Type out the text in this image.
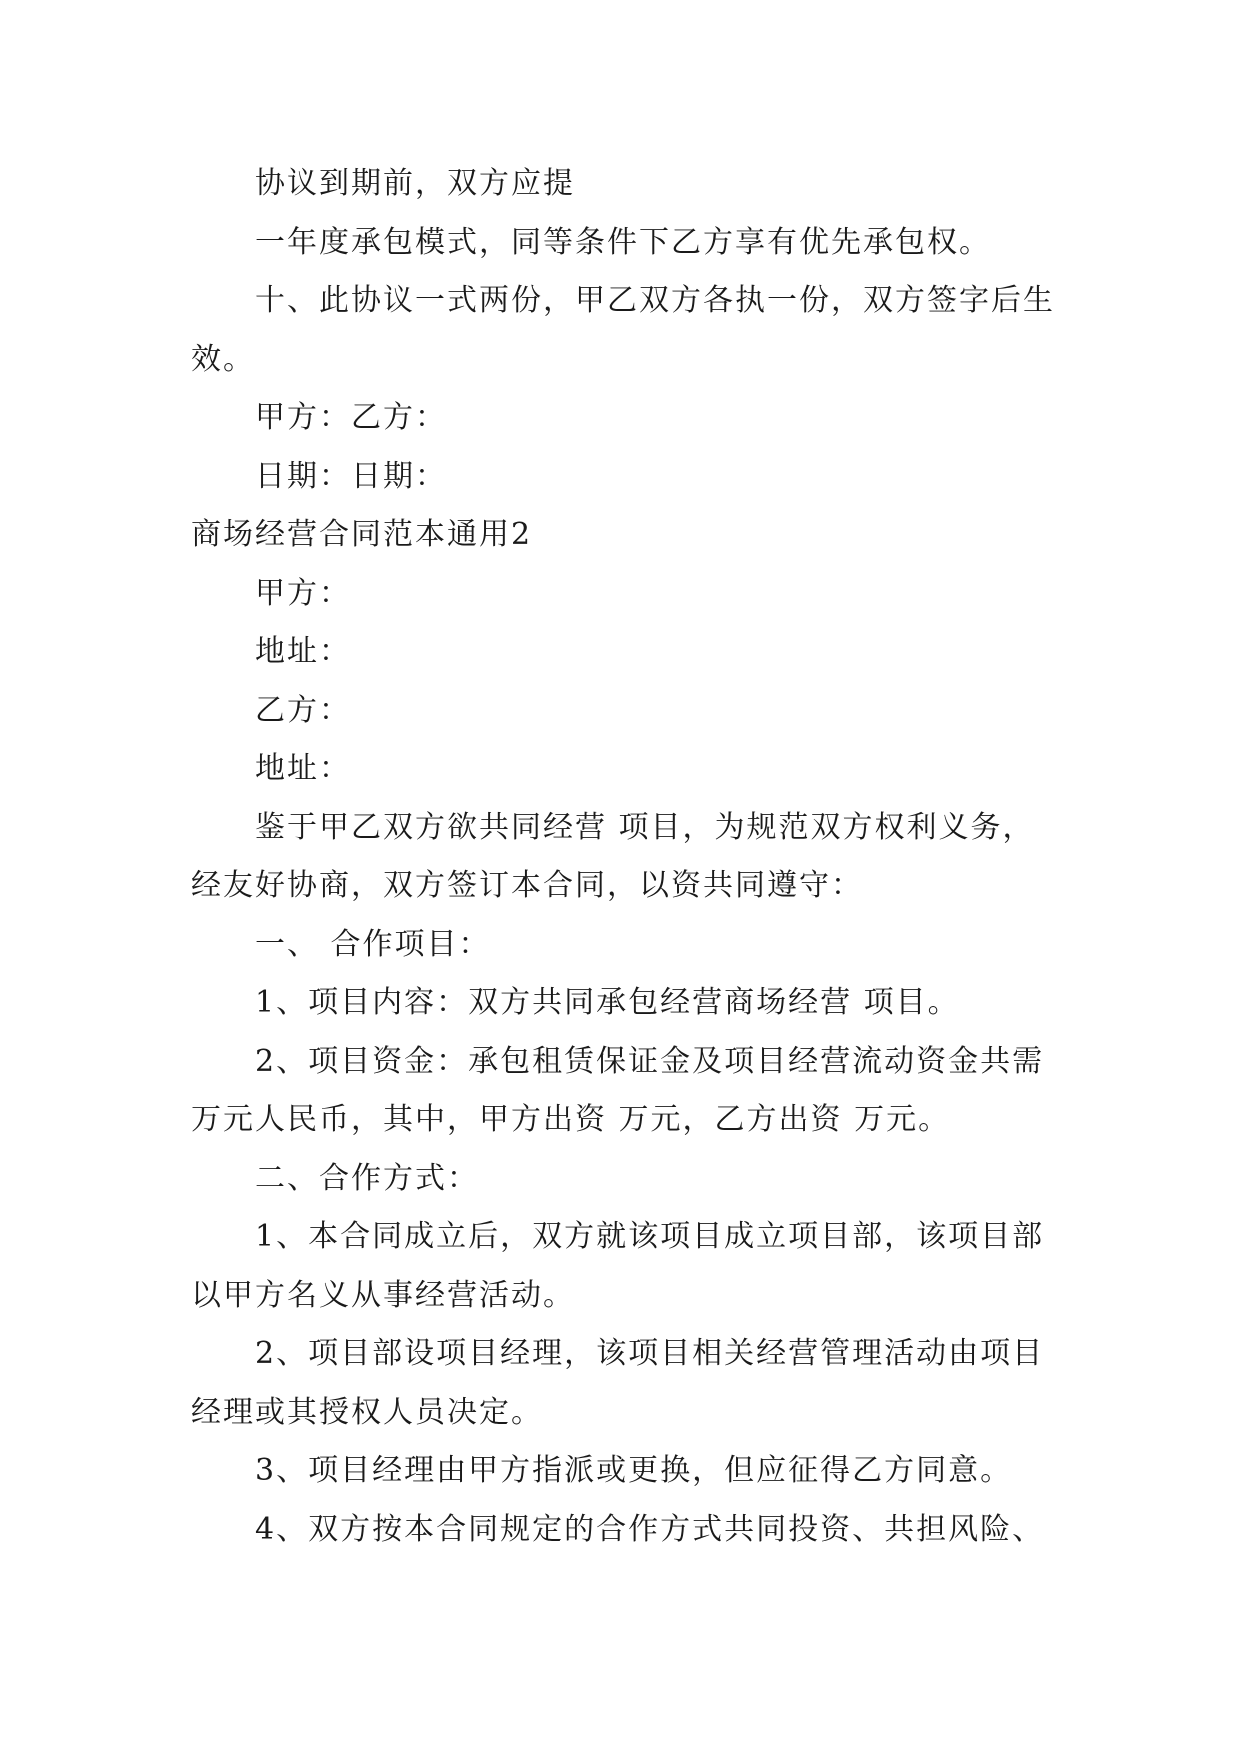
协议到期前，双方应提

一年度承包模式，同等条件下乙方享有优先承包权。

十、此协议一式两份，甲乙双方各执一份，双方签字后生效。

甲方：乙方：

日期：日期：

商场经营合同范本通用2

甲方：

地址：

乙方：

地址：

鉴于甲乙双方欲共同经营 项目，为规范双方权利义务，经友好协商，双方签订本合同，以资共同遵守：

一、 合作项目：

1、项目内容：双方共同承包经营商场经营 项目。

2、项目资金：承包租赁保证金及项目经营流动资金共需 万元人民币，其中，甲方出资 万元，乙方出资 万元。

二、合作方式：

1、本合同成立后，双方就该项目成立项目部，该项目部以甲方名义从事经营活动。

2、项目部设项目经理，该项目相关经营管理活动由项目经理或其授权人员决定。

3、项目经理由甲方指派或更换，但应征得乙方同意。

4、双方按本合同规定的合作方式共同投资、共担风险、
